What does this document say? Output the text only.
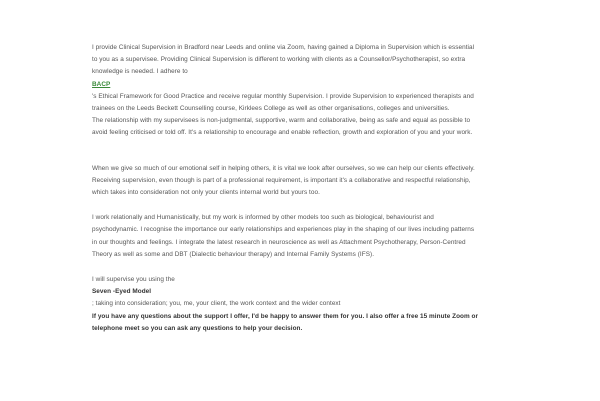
I provide Clinical Supervision in Bradford near Leeds and online via Zoom, having gained a Diploma in Supervision which is essential
to you as a supervisee. Providing Clinical Supervision is different to working with clients as a Counsellor/Psychotherapist, so extra
knowledge is needed. I adhere to
BACP
's Ethical Framework for Good Practice and receive regular monthly Supervision. I provide Supervision to experienced therapists and
trainees on the Leeds Beckett Counselling course, Kirklees College as well as other organisations, colleges and universities.
The relationship with my supervisees is non-judgmental, supportive, warm and collaborative, being as safe and equal as possible to
avoid feeling criticised or told off. It's a relationship to encourage and enable reflection, growth and exploration of you and your work.
When we give so much of our emotional self in helping others, it is vital we look after ourselves, so we can help our clients effectively.
Receiving supervision, even though is part of a professional requirement, is important it's a collaborative and respectful relationship,
which takes into consideration not only your clients internal world but yours too.
I work relationally and Humanistically, but my work is informed by other models too such as biological, behaviourist and
psychodynamic. I recognise the importance our early relationships and experiences play in the shaping of our lives including patterns
in our thoughts and feelings. I integrate the latest research in neuroscience as well as Attachment Psychotherapy, Person-Centred
Theory as well as some and DBT (Dialectic behaviour therapy) and Internal Family Systems (IFS).
I will supervise you using the
Seven -Eyed Model
; taking into consideration; you, me, your client, the work context and the wider context
If you have any questions about the support I offer, I'd be happy to answer them for you. I also offer a free 15 minute Zoom or
telephone meet so you can ask any questions to help your decision.
